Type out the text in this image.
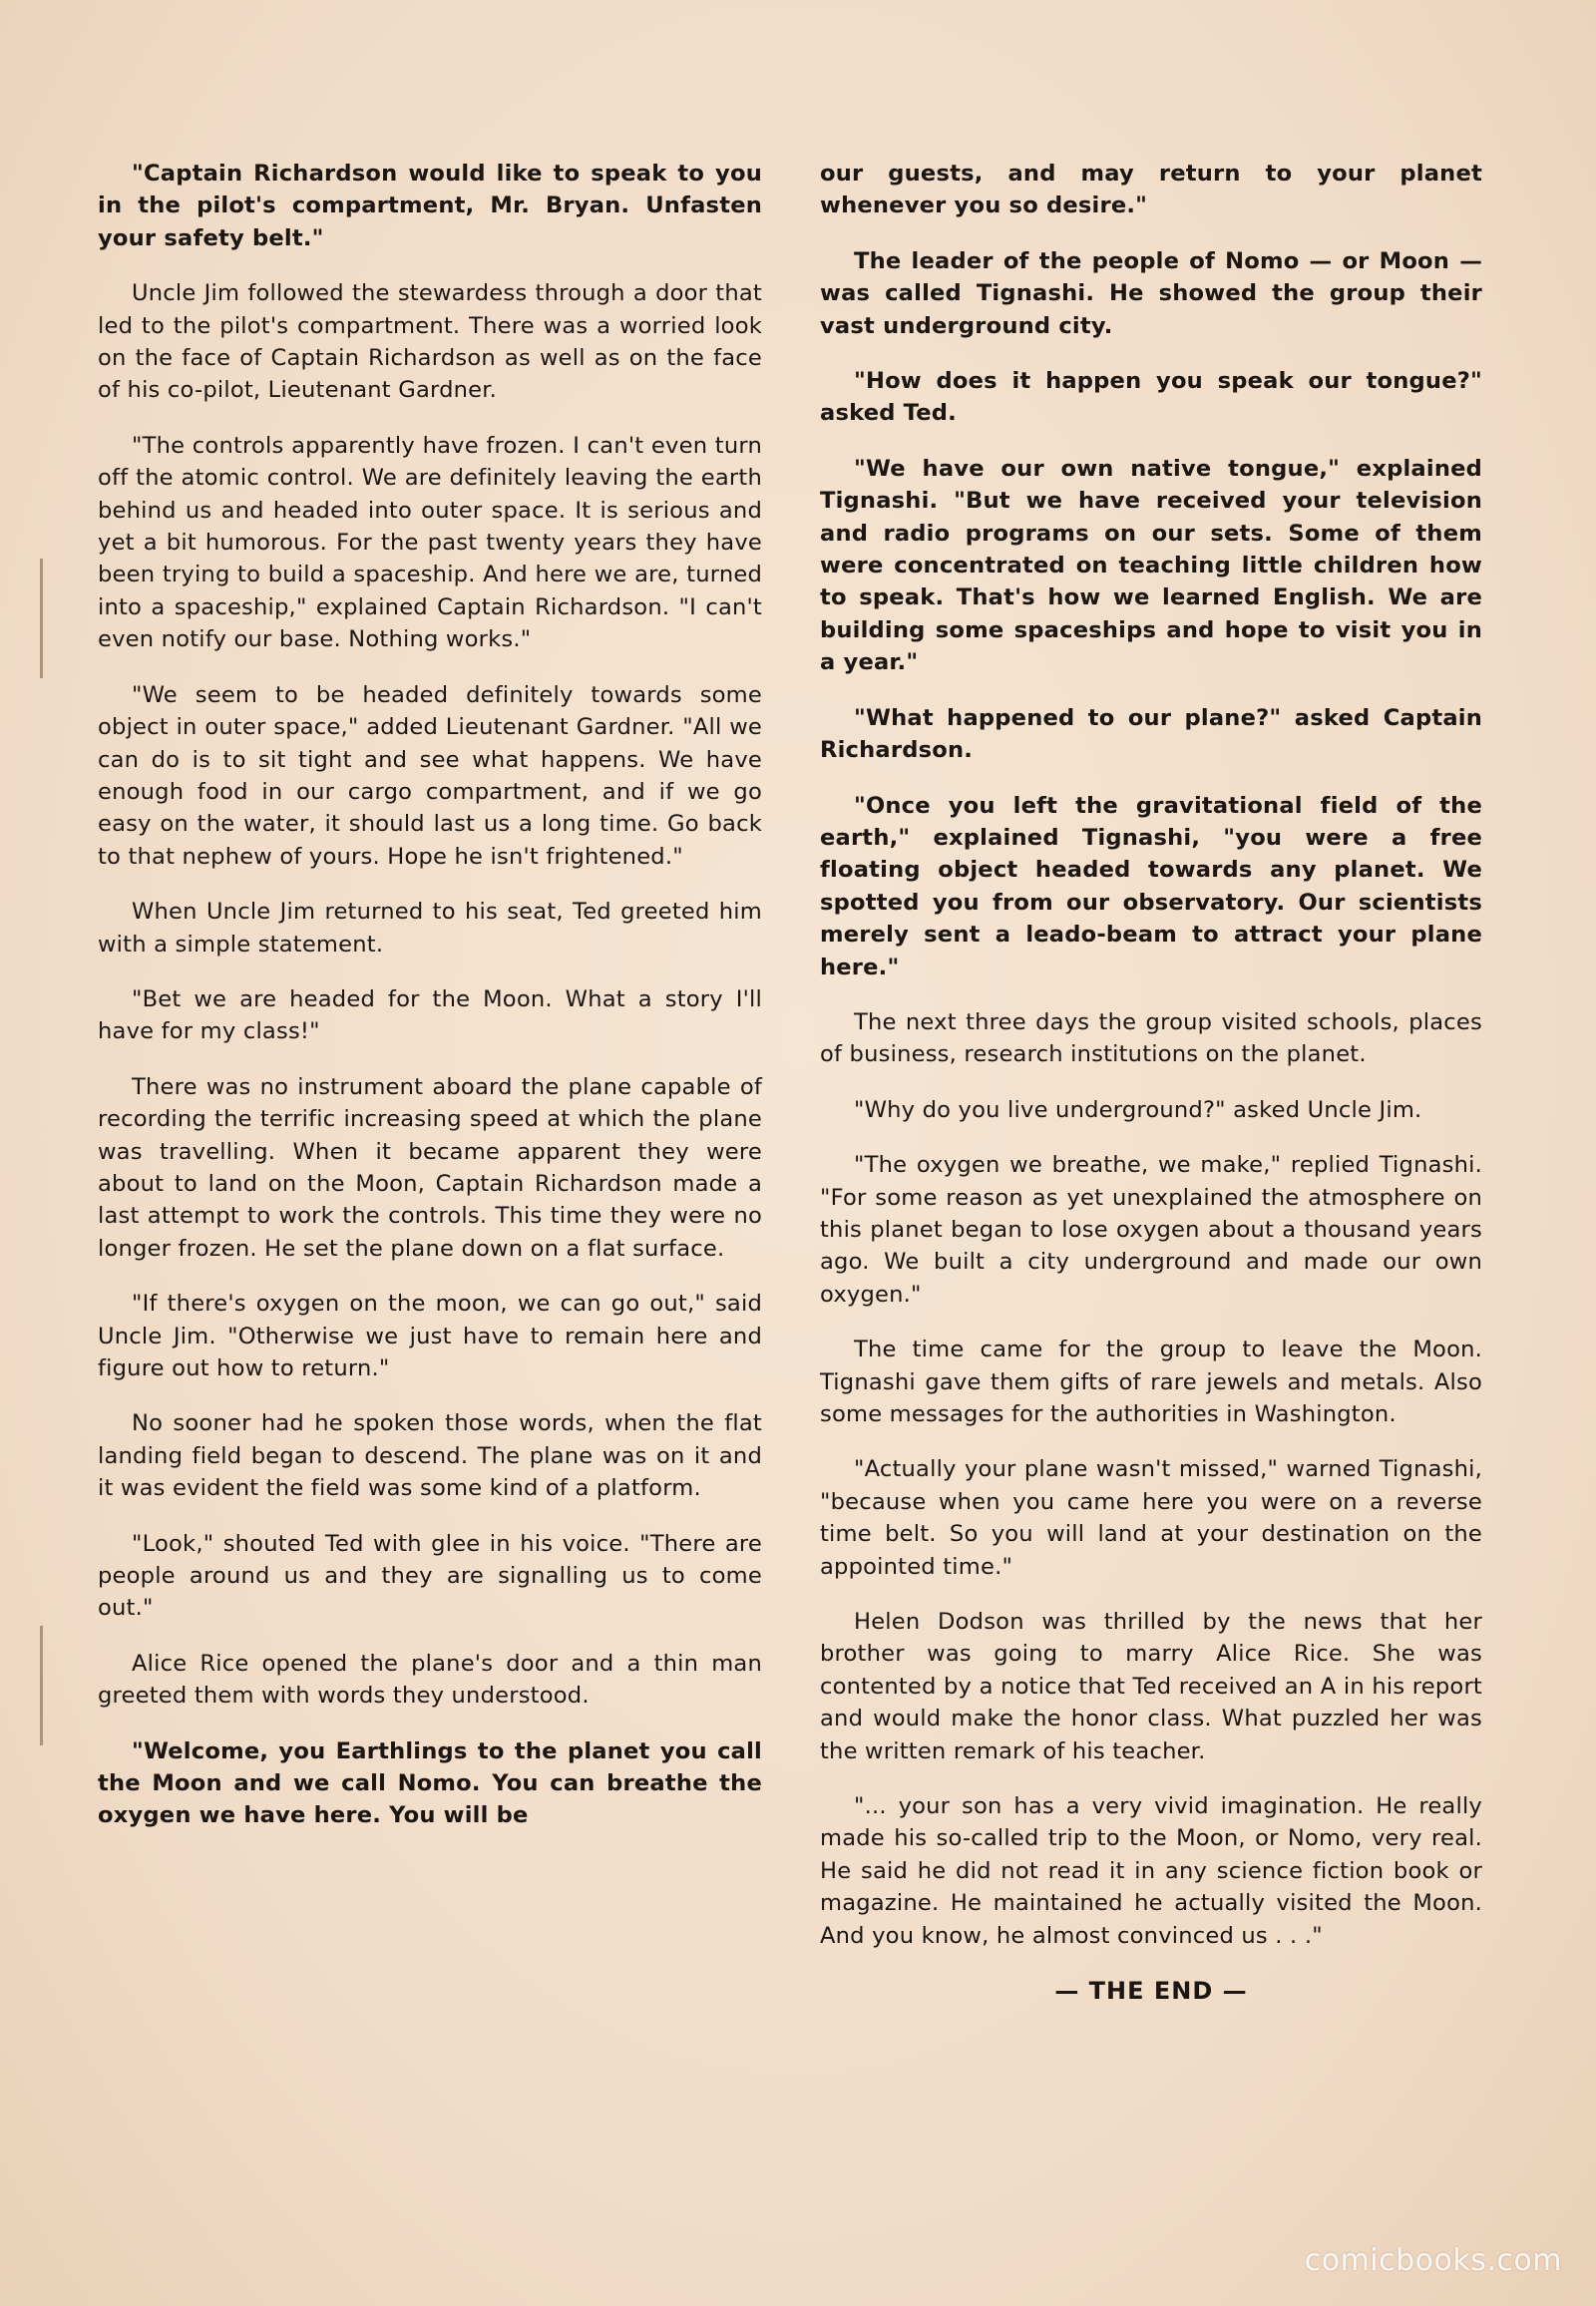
"Captain Richardson would like to speak to you in the pilot's compartment, Mr. Bryan. Unfasten your safety belt."

Uncle Jim followed the stewardess through a door that led to the pilot's compartment. There was a worried look on the face of Captain Richardson as well as on the face of his co-pilot, Lieutenant Gardner.

"The controls apparently have frozen. I can't even turn off the atomic control. We are definitely leaving the earth behind us and headed into outer space. It is serious and yet a bit humorous. For the past twenty years they have been trying to build a spaceship. And here we are, turned into a spaceship," explained Captain Richardson. "I can't even notify our base. Nothing works."

"We seem to be headed definitely towards some object in outer space," added Lieutenant Gardner. "All we can do is to sit tight and see what happens. We have enough food in our cargo compartment, and if we go easy on the water, it should last us a long time. Go back to that nephew of yours. Hope he isn't frightened."

When Uncle Jim returned to his seat, Ted greeted him with a simple statement.

"Bet we are headed for the Moon. What a story I'll have for my class!"

There was no instrument aboard the plane capable of recording the terrific increasing speed at which the plane was travelling. When it became apparent they were about to land on the Moon, Captain Richardson made a last attempt to work the controls. This time they were no longer frozen. He set the plane down on a flat surface.

"If there's oxygen on the moon, we can go out," said Uncle Jim. "Otherwise we just have to remain here and figure out how to return."

No sooner had he spoken those words, when the flat landing field began to descend. The plane was on it and it was evident the field was some kind of a platform.

"Look," shouted Ted with glee in his voice. "There are people around us and they are signalling us to come out."

Alice Rice opened the plane's door and a thin man greeted them with words they understood.

"Welcome, you Earthlings to the planet you call the Moon and we call Nomo. You can breathe the oxygen we have here. You will be

our guests, and may return to your planet whenever you so desire."

The leader of the people of Nomo — or Moon — was called Tignashi. He showed the group their vast underground city.

"How does it happen you speak our tongue?" asked Ted.

"We have our own native tongue," explained Tignashi. "But we have received your television and radio programs on our sets. Some of them were concentrated on teaching little children how to speak. That's how we learned English. We are building some spaceships and hope to visit you in a year."

"What happened to our plane?" asked Captain Richardson.

"Once you left the gravitational field of the earth," explained Tignashi, "you were a free floating object headed towards any planet. We spotted you from our observatory. Our scientists merely sent a leado-beam to attract your plane here."

The next three days the group visited schools, places of business, research institutions on the planet.

"Why do you live underground?" asked Uncle Jim.

"The oxygen we breathe, we make," replied Tignashi. "For some reason as yet unexplained the atmosphere on this planet began to lose oxygen about a thousand years ago. We built a city underground and made our own oxygen."

The time came for the group to leave the Moon. Tignashi gave them gifts of rare jewels and metals. Also some messages for the authorities in Washington.

"Actually your plane wasn't missed," warned Tignashi, "because when you came here you were on a reverse time belt. So you will land at your destination on the appointed time."

Helen Dodson was thrilled by the news that her brother was going to marry Alice Rice. She was contented by a notice that Ted received an A in his report and would make the honor class. What puzzled her was the written remark of his teacher.

"... your son has a very vivid imagination. He really made his so-called trip to the Moon, or Nomo, very real. He said he did not read it in any science fiction book or magazine. He maintained he actually visited the Moon. And you know, he almost convinced us . . ."

— THE END —

comicbooks.com
